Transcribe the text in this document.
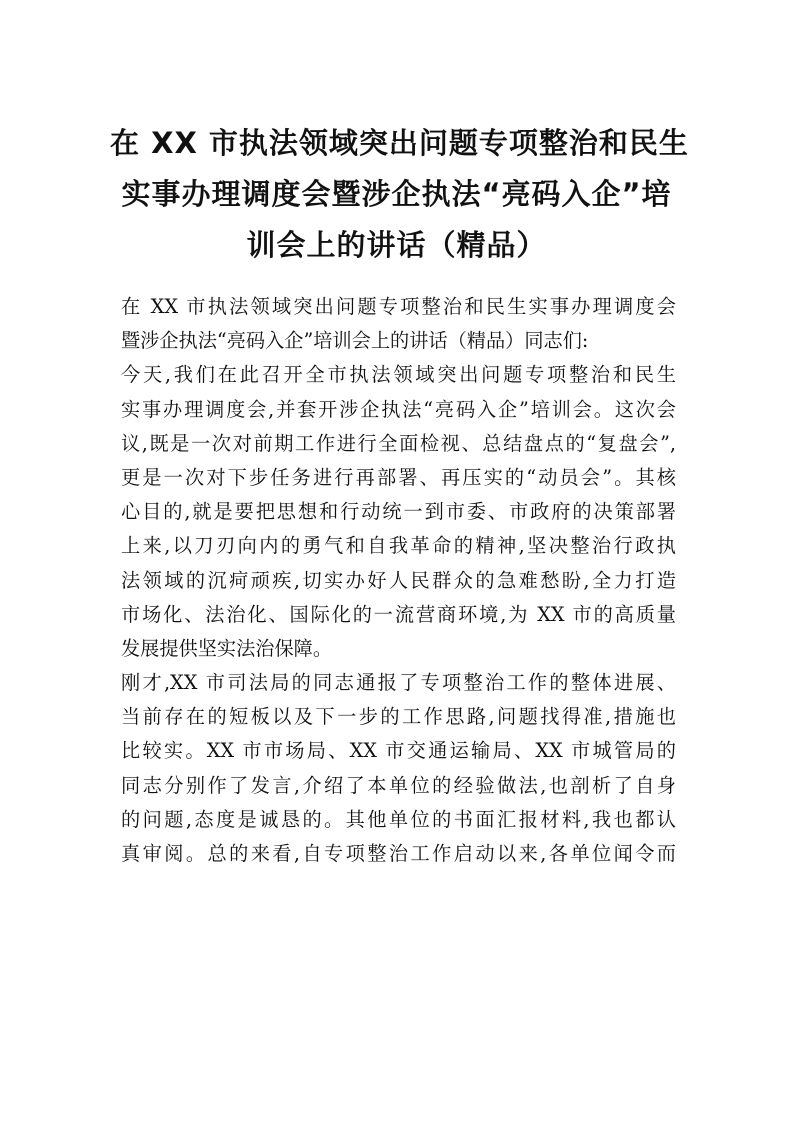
在 XX 市执法领域突出问题专项整治和民生
实事办理调度会暨涉企执法“亮码入企”培
训会上的讲话（精品）
在 XX 市执法领域突出问题专项整治和民生实事办理调度会
暨涉企执法“亮码入企”培训会上的讲话（精品）同志们:
今天,我们在此召开全市执法领域突出问题专项整治和民生
实事办理调度会,并套开涉企执法“亮码入企”培训会。这次会
议,既是一次对前期工作进行全面检视、总结盘点的“复盘会”,
更是一次对下步任务进行再部署、再压实的“动员会”。其核
心目的,就是要把思想和行动统一到市委、市政府的决策部署
上来,以刀刃向内的勇气和自我革命的精神,坚决整治行政执
法领域的沉疴顽疾,切实办好人民群众的急难愁盼,全力打造
市场化、法治化、国际化的一流营商环境,为 XX 市的高质量
发展提供坚实法治保障。
刚才,XX 市司法局的同志通报了专项整治工作的整体进展、
当前存在的短板以及下一步的工作思路,问题找得准,措施也
比较实。XX 市市场局、XX 市交通运输局、XX 市城管局的
同志分别作了发言,介绍了本单位的经验做法,也剖析了自身
的问题,态度是诚恳的。其他单位的书面汇报材料,我也都认
真审阅。总的来看,自专项整治工作启动以来,各单位闻令而
